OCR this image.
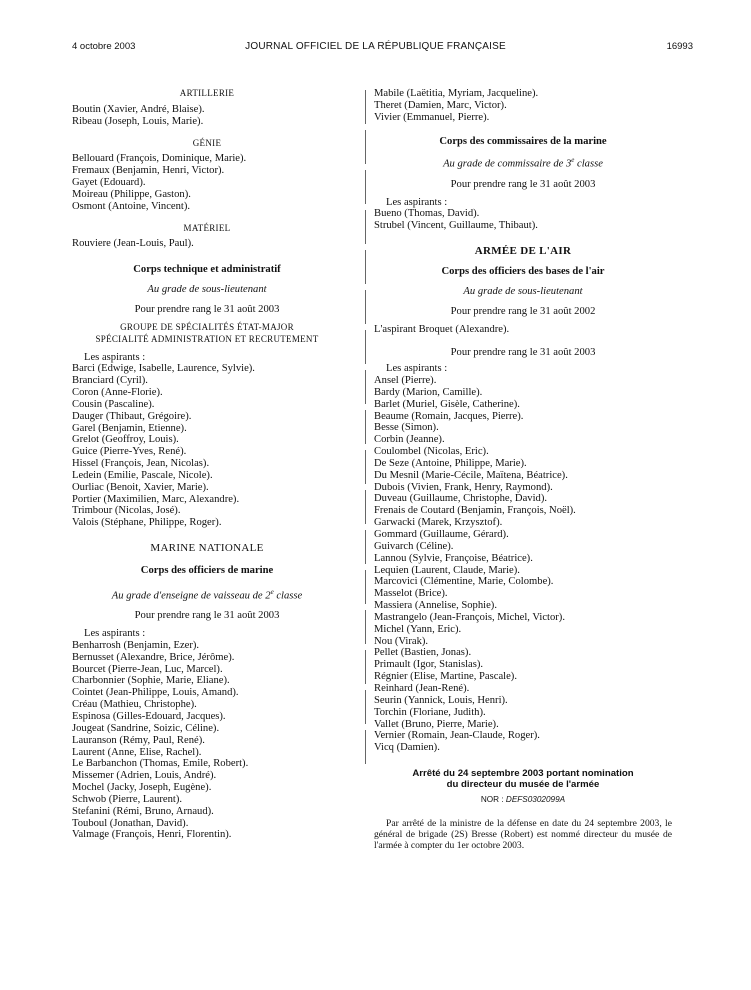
4 octobre 2003	JOURNAL OFFICIEL DE LA RÉPUBLIQUE FRANÇAISE	16993
ARTILLERIE
Boutin (Xavier, André, Blaise).
Ribeau (Joseph, Louis, Marie).
GÉNIE
Bellouard (François, Dominique, Marie).
Fremaux (Benjamin, Henri, Victor).
Gayet (Edouard).
Moireau (Philippe, Gaston).
Osmont (Antoine, Vincent).
MATÉRIEL
Rouviere (Jean-Louis, Paul).
Corps technique et administratif
Au grade de sous-lieutenant
Pour prendre rang le 31 août 2003
GROUPE DE SPÉCIALITÉS ÉTAT-MAJOR
SPÉCIALITÉ ADMINISTRATION ET RECRUTEMENT
Les aspirants :
Barci (Edwige, Isabelle, Laurence, Sylvie).
Branciard (Cyril).
Coron (Anne-Florie).
Cousin (Pascaline).
Dauger (Thibaut, Grégoire).
Garel (Benjamin, Etienne).
Grelot (Geoffroy, Louis).
Guice (Pierre-Yves, René).
Hissel (François, Jean, Nicolas).
Ledein (Emilie, Pascale, Nicole).
Ourliac (Benoit, Xavier, Marie).
Portier (Maximilien, Marc, Alexandre).
Trimbour (Nicolas, José).
Valois (Stéphane, Philippe, Roger).
MARINE NATIONALE
Corps des officiers de marine
Au grade d'enseigne de vaisseau de 2e classe
Pour prendre rang le 31 août 2003
Les aspirants :
Benharrosh (Benjamin, Ezer).
Bernusset (Alexandre, Brice, Jérôme).
Bourcet (Pierre-Jean, Luc, Marcel).
Charbonnier (Sophie, Marie, Eliane).
Cointet (Jean-Philippe, Louis, Amand).
Créau (Mathieu, Christophe).
Espinosa (Gilles-Edouard, Jacques).
Jougeat (Sandrine, Soizic, Céline).
Lauranson (Rémy, Paul, René).
Laurent (Anne, Elise, Rachel).
Le Barbanchon (Thomas, Emile, Robert).
Missemer (Adrien, Louis, André).
Mochel (Jacky, Joseph, Eugène).
Schwob (Pierre, Laurent).
Stefanini (Rémi, Bruno, Arnaud).
Touboul (Jonathan, David).
Valmage (François, Henri, Florentin).
Mabile (Laëtitia, Myriam, Jacqueline).
Theret (Damien, Marc, Victor).
Vivier (Emmanuel, Pierre).
Corps des commissaires de la marine
Au grade de commissaire de 3e classe
Pour prendre rang le 31 août 2003
Les aspirants :
Bueno (Thomas, David).
Strubel (Vincent, Guillaume, Thibaut).
ARMÉE DE L'AIR
Corps des officiers des bases de l'air
Au grade de sous-lieutenant
Pour prendre rang le 31 août 2002
L'aspirant Broquet (Alexandre).
Pour prendre rang le 31 août 2003
Les aspirants :
Ansel (Pierre).
Bardy (Marion, Camille).
Barlet (Muriel, Gisèle, Catherine).
Beaume (Romain, Jacques, Pierre).
Besse (Simon).
Corbin (Jeanne).
Coulombel (Nicolas, Eric).
De Seze (Antoine, Philippe, Marie).
Du Mesnil (Marie-Cécile, Maïtena, Béatrice).
Dubois (Vivien, Frank, Henry, Raymond).
Duveau (Guillaume, Christophe, David).
Frenais de Coutard (Benjamin, François, Noël).
Garwacki (Marek, Krzysztof).
Gommard (Guillaume, Gérard).
Guivarch (Céline).
Lannou (Sylvie, Françoise, Béatrice).
Lequien (Laurent, Claude, Marie).
Marcovici (Clémentine, Marie, Colombe).
Masselot (Brice).
Massiera (Annelise, Sophie).
Mastrangelo (Jean-François, Michel, Victor).
Michel (Yann, Eric).
Nou (Virak).
Pellet (Bastien, Jonas).
Primault (Igor, Stanislas).
Régnier (Elise, Martine, Pascale).
Reinhard (Jean-René).
Seurin (Yannick, Louis, Henri).
Torchin (Floriane, Judith).
Vallet (Bruno, Pierre, Marie).
Vernier (Romain, Jean-Claude, Roger).
Vicq (Damien).
Arrêté du 24 septembre 2003 portant nomination
du directeur du musée de l'armée
NOR : DEFS0302099A
Par arrêté de la ministre de la défense en date du 24 septembre 2003, le général de brigade (2S) Bresse (Robert) est nommé directeur du musée de l'armée à compter du 1er octobre 2003.
